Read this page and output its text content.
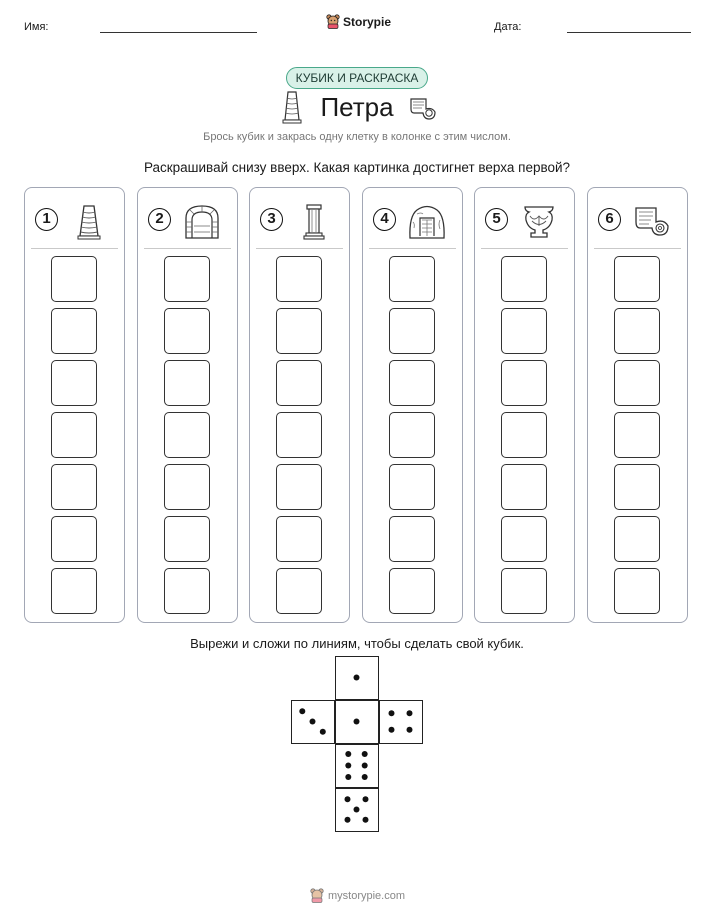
Имя:	Storypie	Дата:
КУБИК И РАСКРАСКА
Петра
Брось кубик и закрась одну клетку в колонке с этим числом.
Раскрашивай снизу вверх. Какая картинка достигнет верха первой?
1	2	3	4	5	6
Вырежи и сложи по линиям, чтобы сделать свой кубик.
mystorypie.com
